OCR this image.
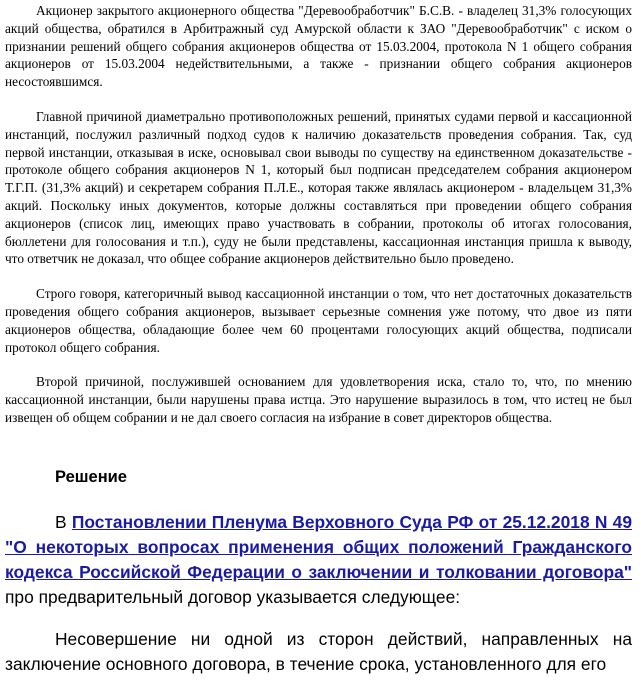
Акционер закрытого акционерного общества "Деревообработчик" Б.С.В. - владелец 31,3% голосующих акций общества, обратился в Арбитражный суд Амурской области к ЗАО "Деревообработчик" с иском о признании решений общего собрания акционеров общества от 15.03.2004, протокола N 1 общего собрания акционеров от 15.03.2004 недействительными, а также - признании общего собрания акционеров несостоявшимся.

Главной причиной диаметрально противоположных решений, принятых судами первой и кассационной инстанций, послужил различный подход судов к наличию доказательств проведения собрания. Так, суд первой инстанции, отказывая в иске, основывал свои выводы по существу на единственном доказательстве - протоколе общего собрания акционеров N 1, который был подписан председателем собрания акционером Т.Г.П. (31,3% акций) и секретарем собрания П.Л.Е., которая также являлась акционером - владельцем 31,3% акций. Поскольку иных документов, которые должны составляться при проведении общего собрания акционеров (список лиц, имеющих право участвовать в собрании, протоколы об итогах голосования, бюллетени для голосования и т.п.), суду не были представлены, кассационная инстанция пришла к выводу, что ответчик не доказал, что общее собрание акционеров действительно было проведено.

Строго говоря, категоричный вывод кассационной инстанции о том, что нет достаточных доказательств проведения общего собрания акционеров, вызывает серьезные сомнения уже потому, что двое из пяти акционеров общества, обладающие более чем 60 процентами голосующих акций общества, подписали протокол общего собрания.

Второй причиной, послужившей основанием для удовлетворения иска, стало то, что, по мнению кассационной инстанции, были нарушены права истца. Это нарушение выразилось в том, что истец не был извещен об общем собрании и не дал своего согласия на избрание в совет директоров общества.

Решение

В Постановлении Пленума Верховного Суда РФ от 25.12.2018 N 49 "О некоторых вопросах применения общих положений Гражданского кодекса Российской Федерации о заключении и толковании договора" про предварительный договор указывается следующее:

Несовершение ни одной из сторон действий, направленных на заключение основного договора, в течение срока, установленного для его
